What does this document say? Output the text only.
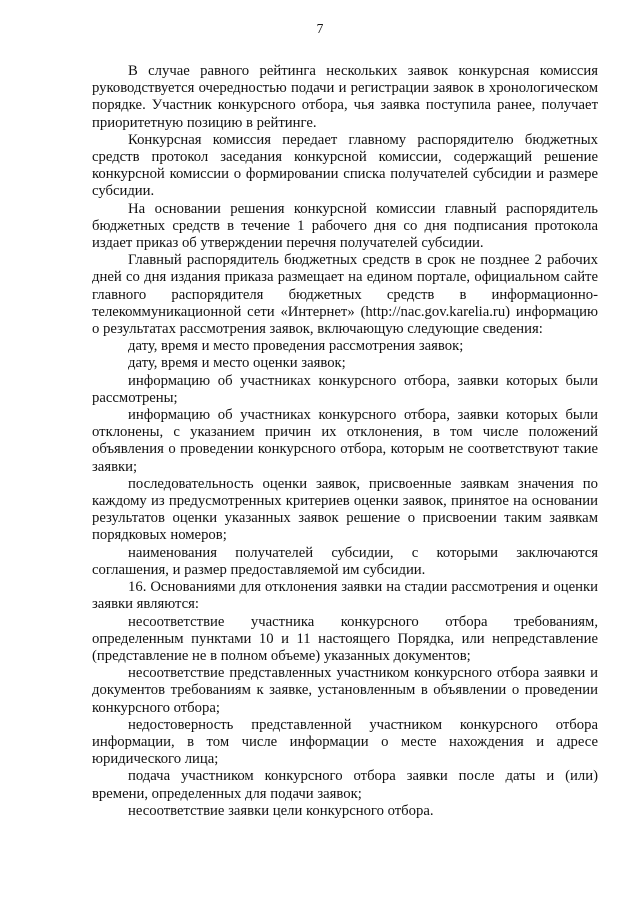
7

В случае равного рейтинга нескольких заявок конкурсная комиссия руководствуется очередностью подачи и регистрации заявок в хронологическом порядке. Участник конкурсного отбора, чья заявка поступила ранее, получает приоритетную позицию в рейтинге.

Конкурсная комиссия передает главному распорядителю бюджетных средств протокол заседания конкурсной комиссии, содержащий решение конкурсной комиссии о формировании списка получателей субсидии и размере субсидии.

На основании решения конкурсной комиссии главный распорядитель бюджетных средств в течение 1 рабочего дня со дня подписания протокола издает приказ об утверждении перечня получателей субсидии.

Главный распорядитель бюджетных средств в срок не позднее 2 рабочих дней со дня издания приказа размещает на едином портале, официальном сайте главного распорядителя бюджетных средств в информационно-телекоммуникационной сети «Интернет» (http://nac.gov.karelia.ru) информацию о результатах рассмотрения заявок, включающую следующие сведения:

дату, время и место проведения рассмотрения заявок;

дату, время и место оценки заявок;

информацию об участниках конкурсного отбора, заявки которых были рассмотрены;

информацию об участниках конкурсного отбора, заявки которых были отклонены, с указанием причин их отклонения, в том числе положений объявления о проведении конкурсного отбора, которым не соответствуют такие заявки;

последовательность оценки заявок, присвоенные заявкам значения по каждому из предусмотренных критериев оценки заявок, принятое на основании результатов оценки указанных заявок решение о присвоении таким заявкам порядковых номеров;

наименования получателей субсидии, с которыми заключаются соглашения, и размер предоставляемой им субсидии.

16. Основаниями для отклонения заявки на стадии рассмотрения и оценки заявки являются:

несоответствие участника конкурсного отбора требованиям, определенным пунктами 10 и 11 настоящего Порядка, или непредставление (представление не в полном объеме) указанных документов;

несоответствие представленных участником конкурсного отбора заявки и документов требованиям к заявке, установленным в объявлении о проведении конкурсного отбора;

недостоверность представленной участником конкурсного отбора информации, в том числе информации о месте нахождения и адресе юридического лица;

подача участником конкурсного отбора заявки после даты и (или) времени, определенных для подачи заявок;

несоответствие заявки цели конкурсного отбора.
